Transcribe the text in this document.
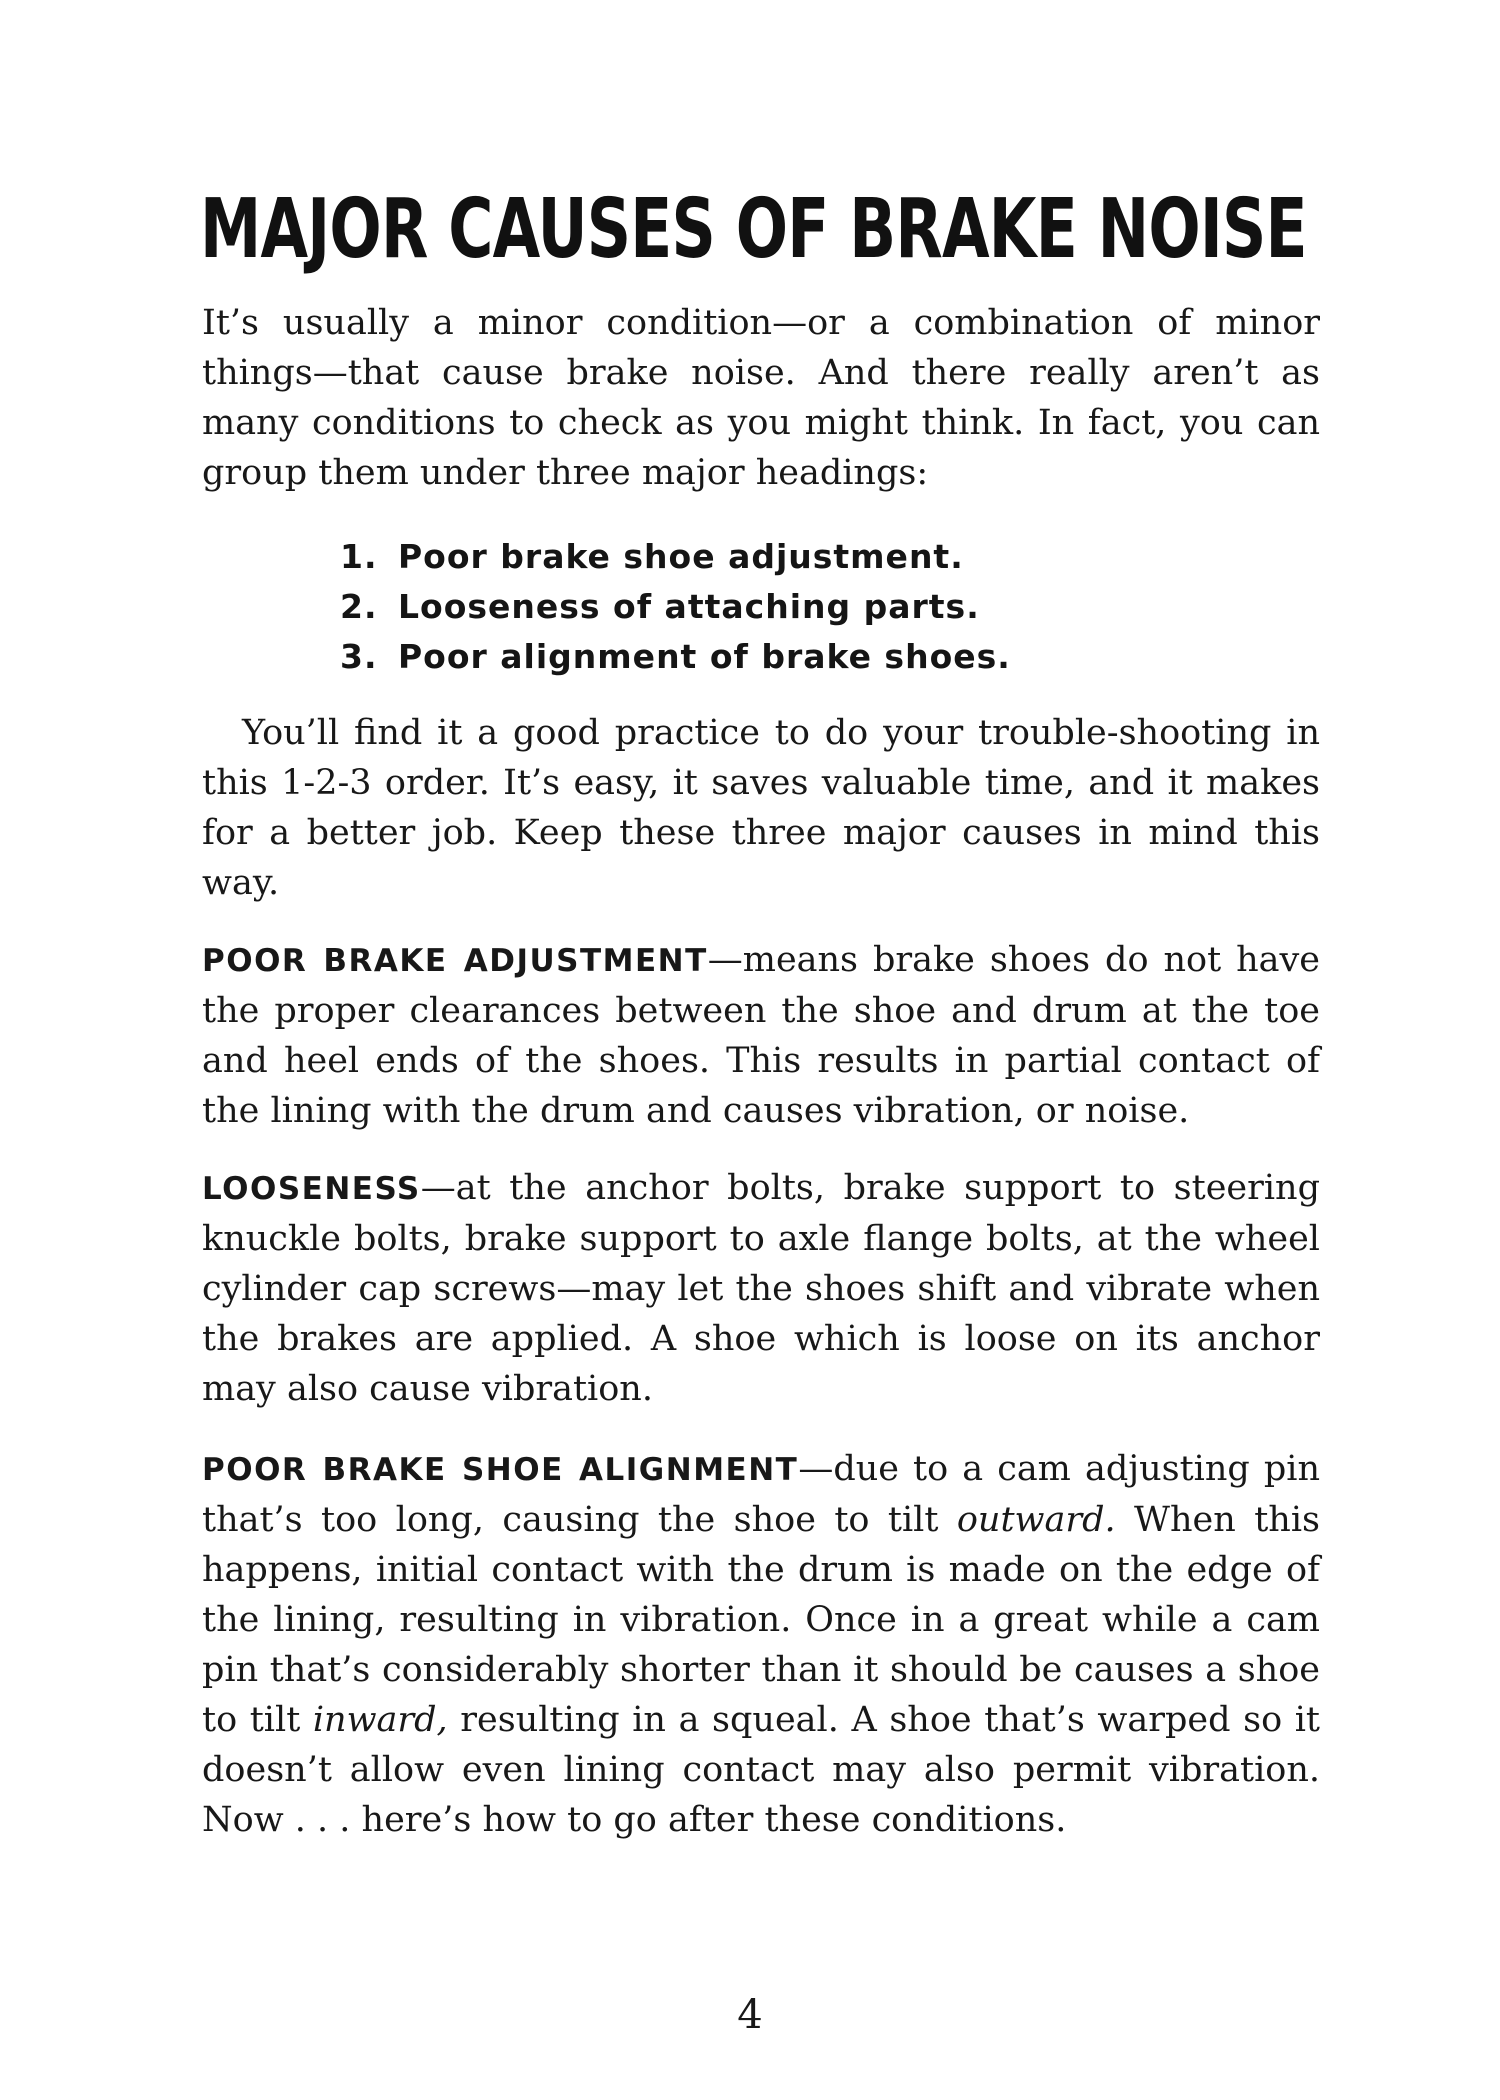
MAJOR CAUSES OF BRAKE NOISE

It’s usually a minor condition—or a combination of minor things—that cause brake noise. And there really aren’t as many conditions to check as you might think. In fact, you can group them under three major headings:

1. Poor brake shoe adjustment.
2. Looseness of attaching parts.
3. Poor alignment of brake shoes.

You’ll find it a good practice to do your trouble-shooting in this 1-2-3 order. It’s easy, it saves valuable time, and it makes for a better job. Keep these three major causes in mind this way.

POOR BRAKE ADJUSTMENT—means brake shoes do not have the proper clearances between the shoe and drum at the toe and heel ends of the shoes. This results in partial contact of the lining with the drum and causes vibration, or noise.

LOOSENESS—at the anchor bolts, brake support to steering knuckle bolts, brake support to axle flange bolts, at the wheel cylinder cap screws—may let the shoes shift and vibrate when the brakes are applied. A shoe which is loose on its anchor may also cause vibration.

POOR BRAKE SHOE ALIGNMENT—due to a cam adjusting pin that’s too long, causing the shoe to tilt outward. When this happens, initial contact with the drum is made on the edge of the lining, resulting in vibration. Once in a great while a cam pin that’s considerably shorter than it should be causes a shoe to tilt inward, resulting in a squeal. A shoe that’s warped so it doesn’t allow even lining contact may also permit vibration. Now . . . here’s how to go after these conditions.

4
